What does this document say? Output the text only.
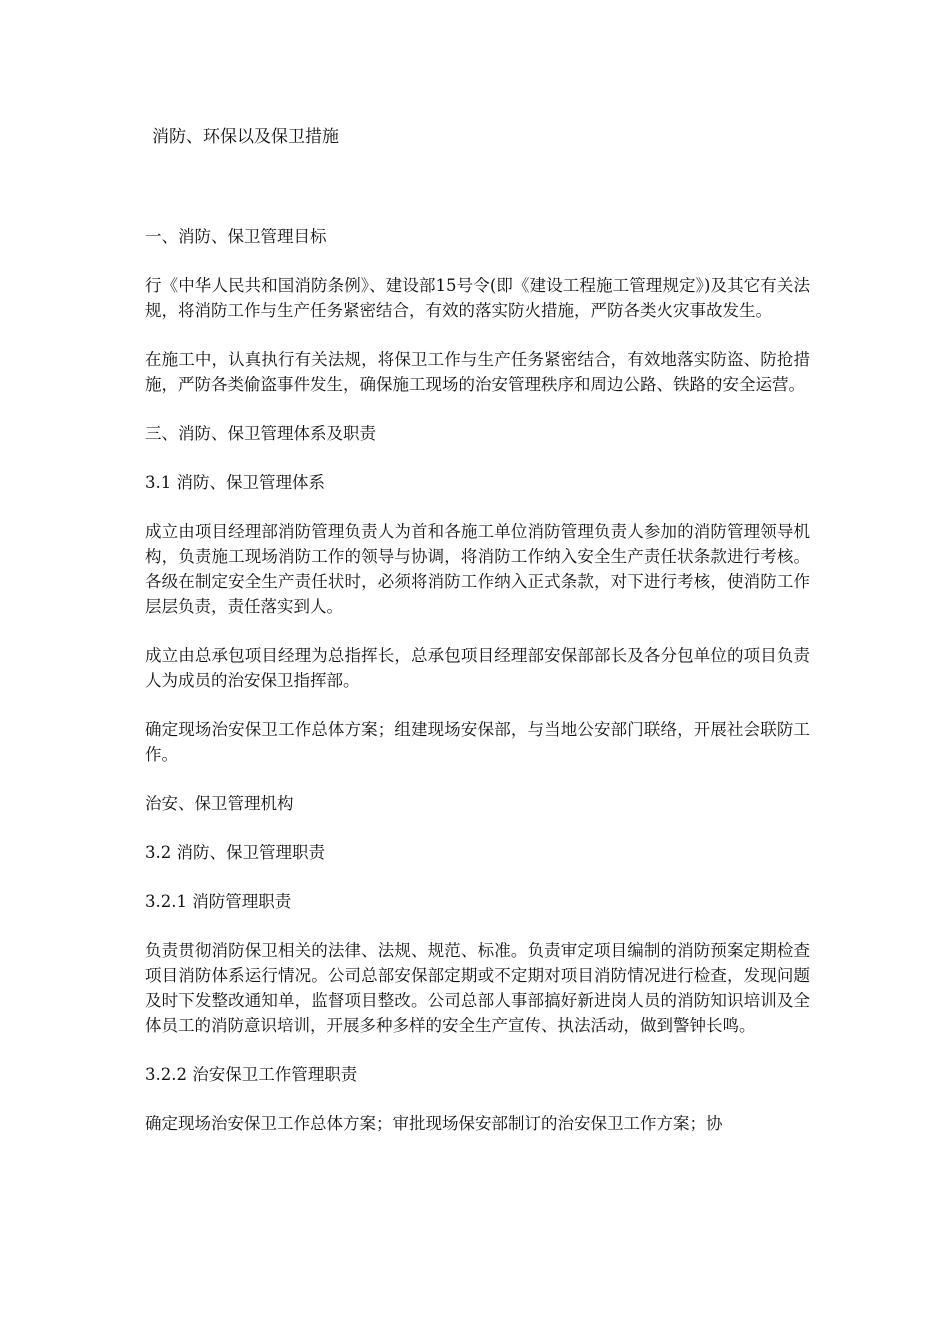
消防、环保以及保卫措施

一、消防、保卫管理目标

行《中华人民共和国消防条例》、建设部15号令(即《建设工程施工管理规定》)及其它有关法规，将消防工作与生产任务紧密结合，有效的落实防火措施，严防各类火灾事故发生。

在施工中，认真执行有关法规，将保卫工作与生产任务紧密结合，有效地落实防盗、防抢措施，严防各类偷盗事件发生，确保施工现场的治安管理秩序和周边公路、铁路的安全运营。

三、消防、保卫管理体系及职责

3.1 消防、保卫管理体系

成立由项目经理部消防管理负责人为首和各施工单位消防管理负责人参加的消防管理领导机构，负责施工现场消防工作的领导与协调，将消防工作纳入安全生产责任状条款进行考核。各级在制定安全生产责任状时，必须将消防工作纳入正式条款，对下进行考核，使消防工作层层负责，责任落实到人。

成立由总承包项目经理为总指挥长，总承包项目经理部安保部部长及各分包单位的项目负责人为成员的治安保卫指挥部。

确定现场治安保卫工作总体方案；组建现场安保部，与当地公安部门联络，开展社会联防工作。

治安、保卫管理机构

3.2 消防、保卫管理职责

3.2.1 消防管理职责

负责贯彻消防保卫相关的法律、法规、规范、标准。负责审定项目编制的消防预案定期检查项目消防体系运行情况。公司总部安保部定期或不定期对项目消防情况进行检查，发现问题及时下发整改通知单，监督项目整改。公司总部人事部搞好新进岗人员的消防知识培训及全体员工的消防意识培训，开展多种多样的安全生产宣传、执法活动，做到警钟长鸣。

3.2.2 治安保卫工作管理职责

确定现场治安保卫工作总体方案；审批现场保安部制订的治安保卫工作方案；协
